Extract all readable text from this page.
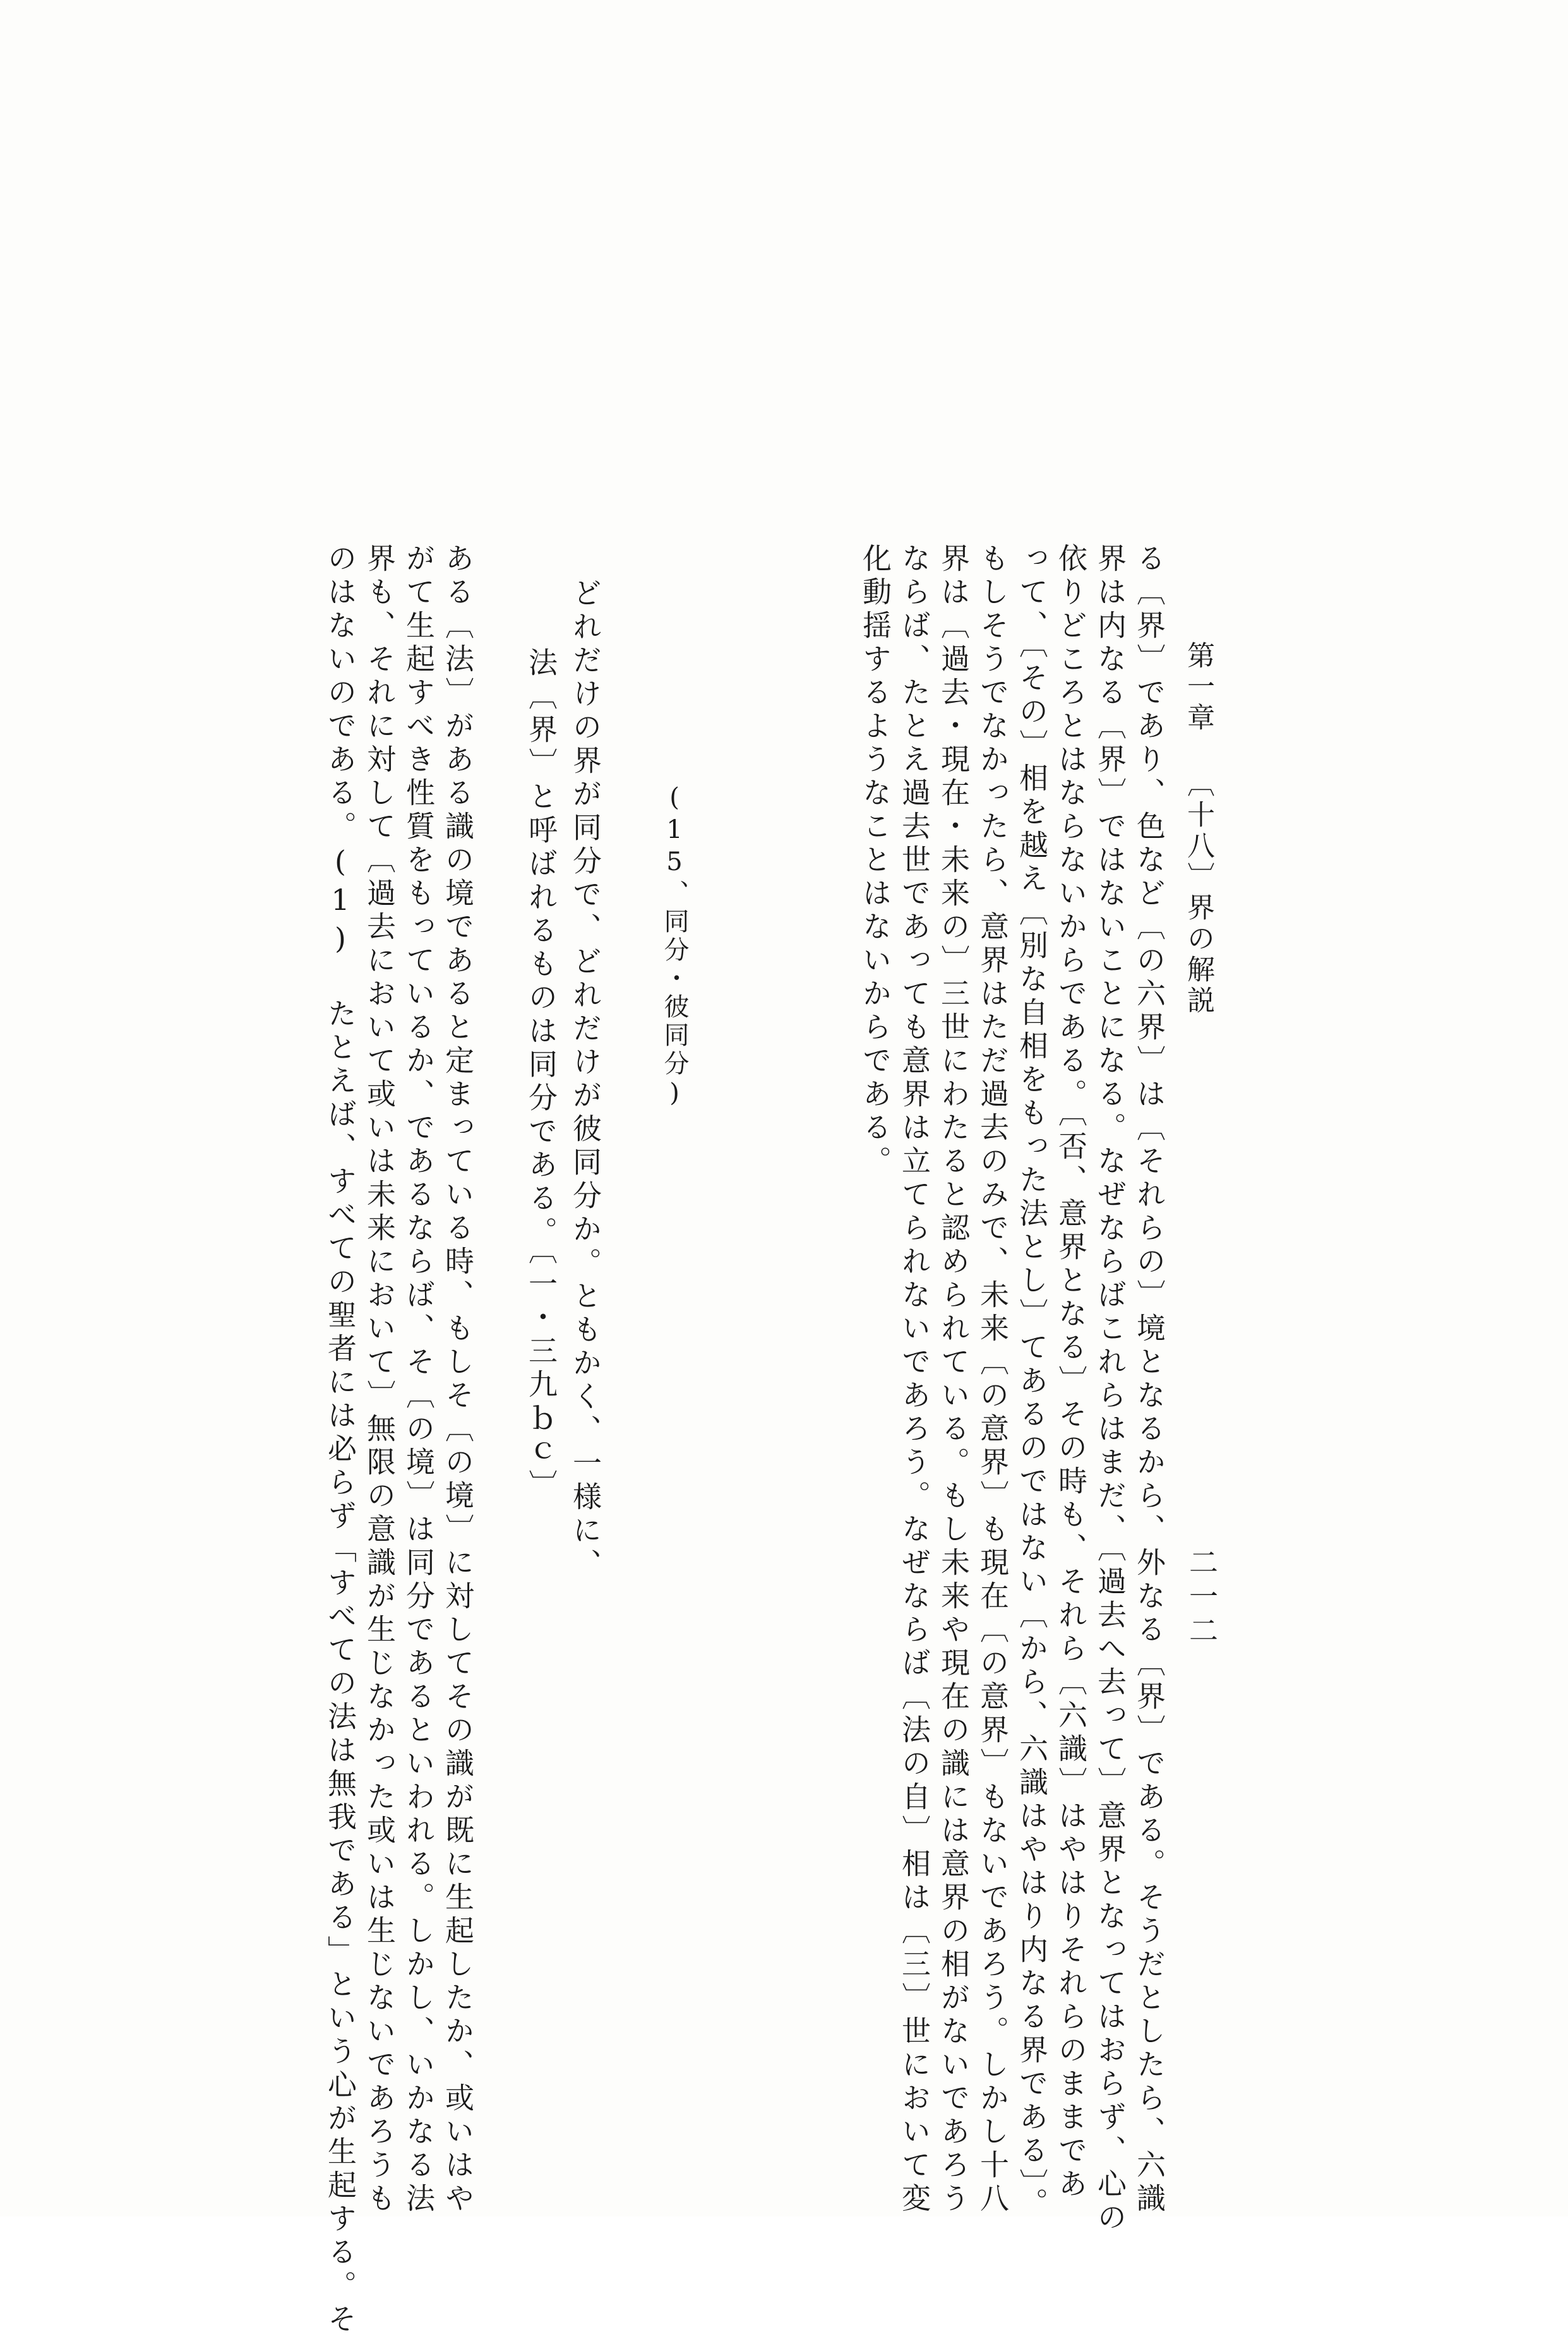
二一二
第一章 〔十八〕界の解説
る〔界〕であり、色など〔の六界〕は〔それらの〕境となるから、外なる〔界〕である。そうだとしたら、六識
界は内なる〔界〕ではないことになる。なぜならばこれらはまだ、〔過去へ去って〕意界となってはおらず、心の
依りどころとはならないからである。〔否、意界となる〕その時も、それら〔六識〕はやはりそれらのままであ
って、〔その〕相を越え〔別な自相をもった法とし〕てあるのではない〔から、六識はやはり内なる界である〕。
もしそうでなかったら、意界はただ過去のみで、未来〔の意界〕も現在〔の意界〕もないであろう。しかし十八
界は〔過去・現在・未来の〕三世にわたると認められている。もし未来や現在の識には意界の相がないであろう
ならば、たとえ過去世であっても意界は立てられないであろう。なぜならば〔法の自〕相は〔三〕世において変
化動揺するようなことはないからである。
(15、同分・彼同分)
どれだけの界が同分で、どれだけが彼同分か。ともかく、一様に、
法〔界〕と呼ばれるものは同分である。〔一・三九ｂｃ〕
ある〔法〕がある識の境であると定まっている時、もしそ〔の境〕に対してその識が既に生起したか、或いはや
がて生起すべき性質をもっているか、であるならば、そ〔の境〕は同分であるといわれる。しかし、いかなる法
界も、それに対して〔過去において或いは未来において〕無限の意識が生じなかった或いは生じないであろうも
のはないのである。(1) たとえば、すべての聖者には必らず「すべての法は無我である」という心が生起する。そ
